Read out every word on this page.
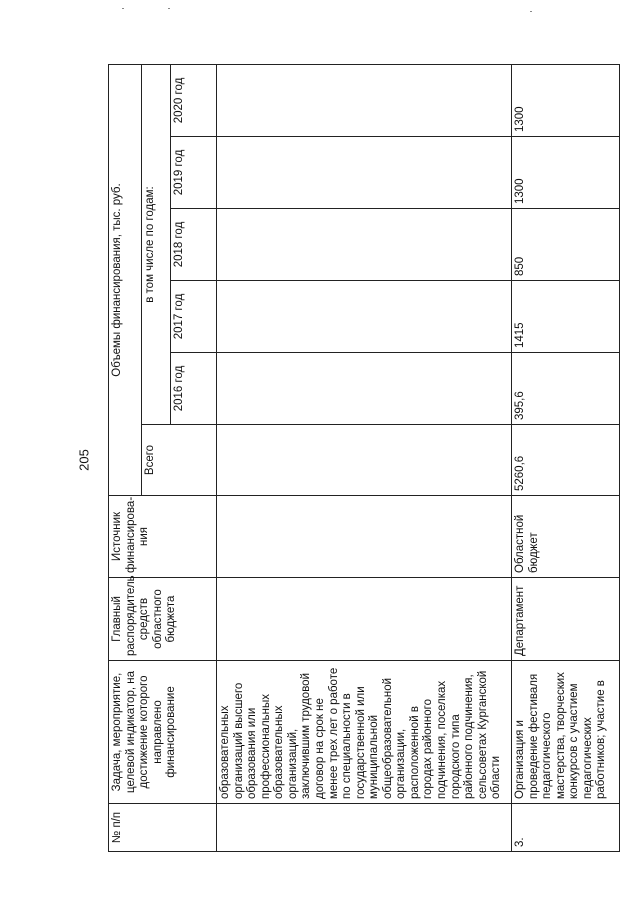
205
№ п/п	Задача, мероприятие, целевой индикатор, на достижение которого направлено финансирование	Главный распорядитель средств областного бюджета	Источник финансирова-ния	Объемы финансирования, тыс. руб.					
				Всего	в том числе по годам:				
					2016 год	2017 год	2018 год	2019 год	2020 год
	образовательных организаций высшего образования или профессиональных образовательных организаций, заключившим трудовой договор на срок не менее трех лет о работе по специальности в государственной или муниципальной общеобразовательной организации, расположенной в городах районного подчинения, поселках городского типа районного подчинения, сельсоветах Курганской области								
3.	Организация и проведение фестиваля педагогического мастерства, творческих конкурсов с участием педагогических работников; участие в	Департамент	Областной бюджет	5260,6	395,6	1415	850	1300	1300
